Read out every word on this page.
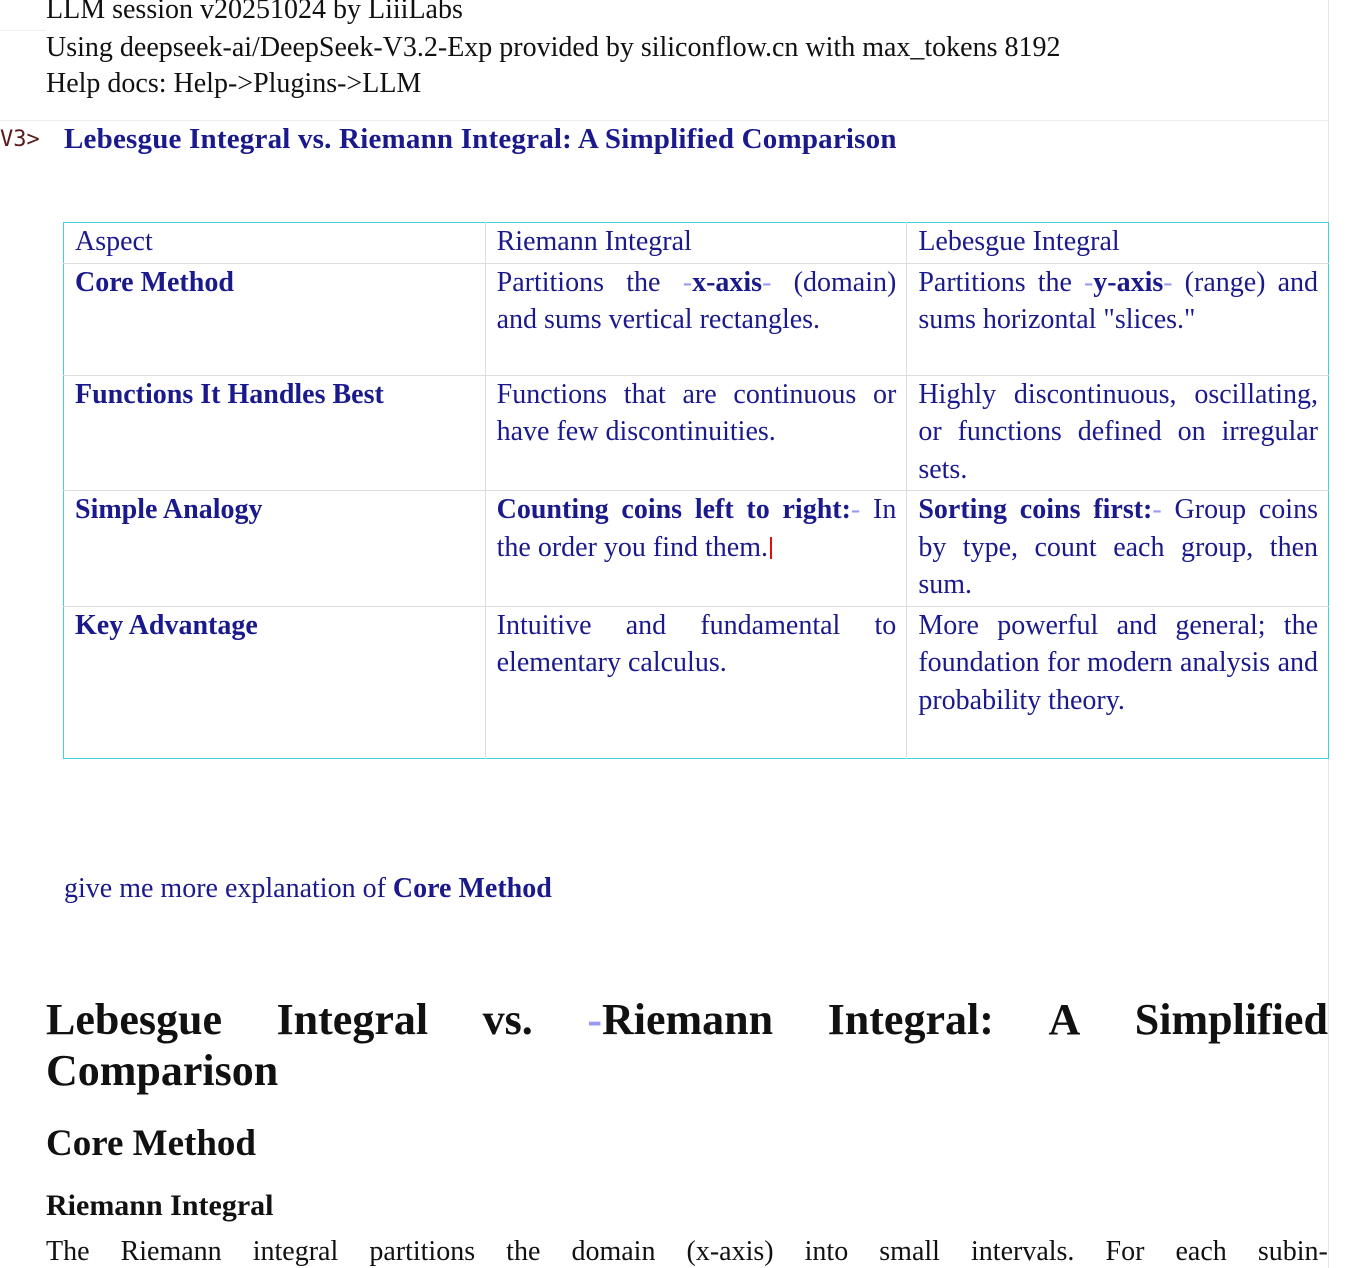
LLM session v20251024 by LiiiLabs
Using deepseek-ai/DeepSeek-V3.2-Exp provided by siliconflow.cn with max_tokens 8192
Help docs: Help->Plugins->LLM
V3> Lebesgue Integral vs. Riemann Integral: A Simplified Comparison
Aspect	Riemann Integral	Lebesgue Integral
Core Method	Partitions the -x-axis- (domain) and sums vertical rectangles.	Partitions the -y-axis- (range) and sums horizontal "slices."
Functions It Handles Best	Functions that are continuous or have few discontinuities.	Highly discontinuous, oscillating, or functions defined on irregular sets.
Simple Analogy	Counting coins left to right:- In the order you find them.	Sorting coins first:- Group coins by type, count each group, then sum.
Key Advantage	Intuitive and fundamental to elementary calculus.	More powerful and general; the foundation for modern analysis and probability theory.
give me more explanation of Core Method
Lebesgue Integral vs. -Riemann Integral: A Simplified
Comparison
Core Method
Riemann Integral
The Riemann integral partitions the domain (x-axis) into small intervals. For each subin-
